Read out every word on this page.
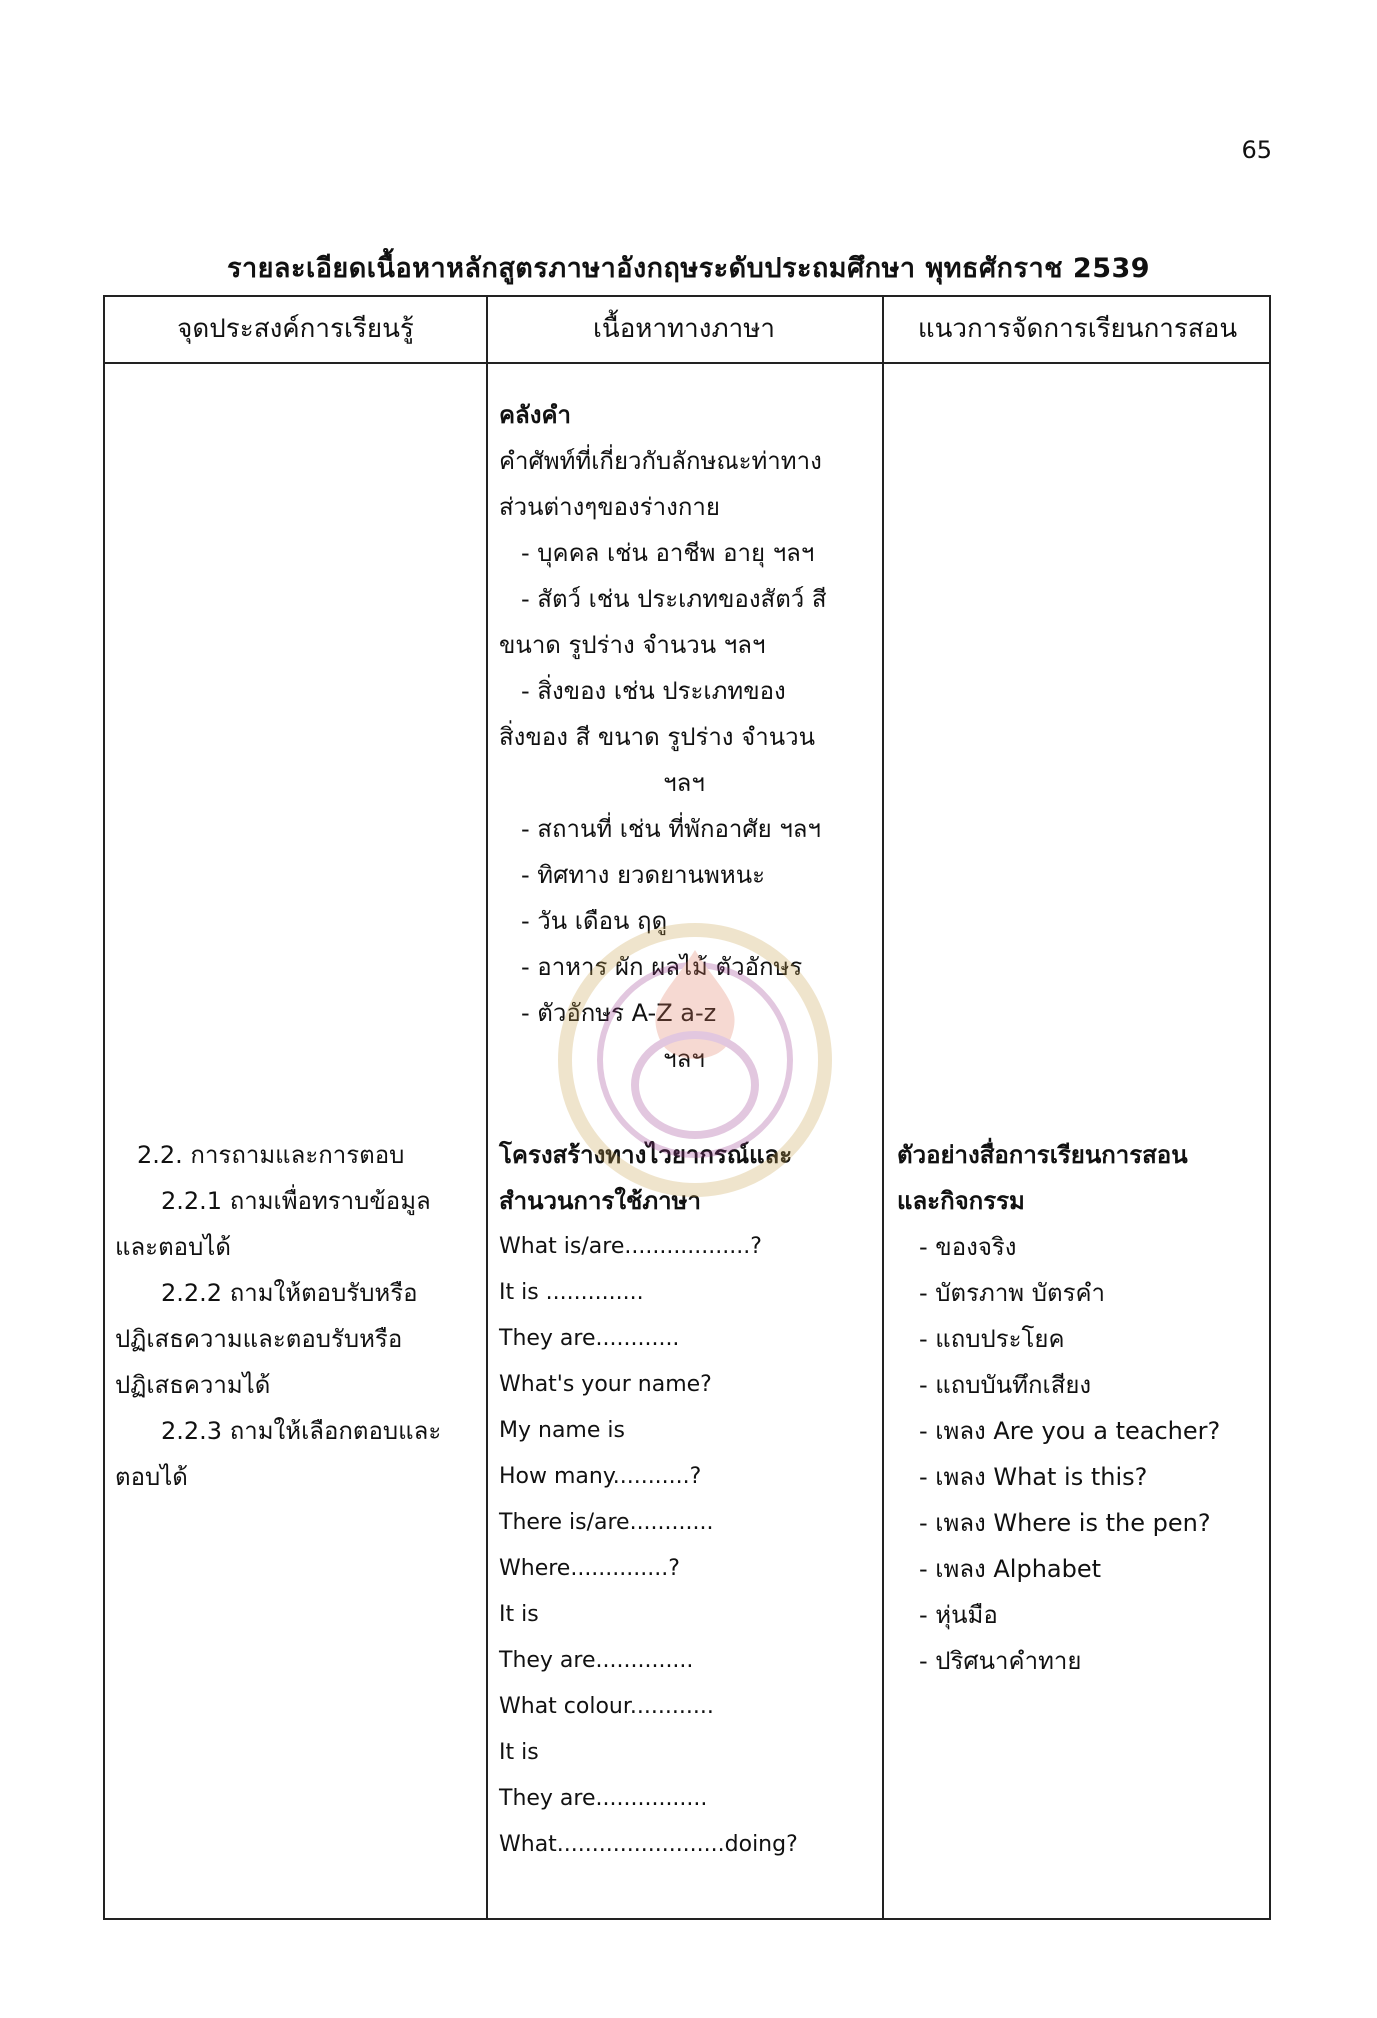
65
รายละเอียดเนื้อหาหลักสูตรภาษาอังกฤษระดับประถมศึกษา พุทธศักราช 2539
จุดประสงค์การเรียนรู้	เนื้อหาทางภาษา	แนวการจัดการเรียนการสอน
คลังคำ
คำศัพท์ที่เกี่ยวกับลักษณะท่าทาง
ส่วนต่างๆของร่างกาย
- บุคคล เช่น อาชีพ อายุ ฯลฯ
- สัตว์ เช่น ประเภทของสัตว์ สี
ขนาด รูปร่าง จำนวน ฯลฯ
- สิ่งของ เช่น ประเภทของ
สิ่งของ สี ขนาด รูปร่าง จำนวน
ฯลฯ
- สถานที่ เช่น ที่พักอาศัย ฯลฯ
- ทิศทาง ยวดยานพหนะ
- วัน เดือน ฤดู
- อาหาร ผัก ผลไม้ ตัวอักษร
- ตัวอักษร A-Z a-z
ฯลฯ
2.2. การถามและการตอบ
2.2.1 ถามเพื่อทราบข้อมูล
และตอบได้
2.2.2 ถามให้ตอบรับหรือ
ปฏิเสธความและตอบรับหรือ
ปฏิเสธความได้
2.2.3 ถามให้เลือกตอบและ
ตอบได้
โครงสร้างทางไวยากรณ์และ
สำนวนการใช้ภาษา
What is/are..................?
It is ..............
They are............
What's your name?
My name is
How many...........?
There is/are............
Where..............?
It is
They are..............
What colour............
It is
They are................
What........................doing?
ตัวอย่างสื่อการเรียนการสอน
และกิจกรรม
- ของจริง
- บัตรภาพ บัตรคำ
- แถบประโยค
- แถบบันทึกเสียง
- เพลง Are you a teacher?
- เพลง What is this?
- เพลง Where is the pen?
- เพลง Alphabet
- หุ่นมือ
- ปริศนาคำทาย
